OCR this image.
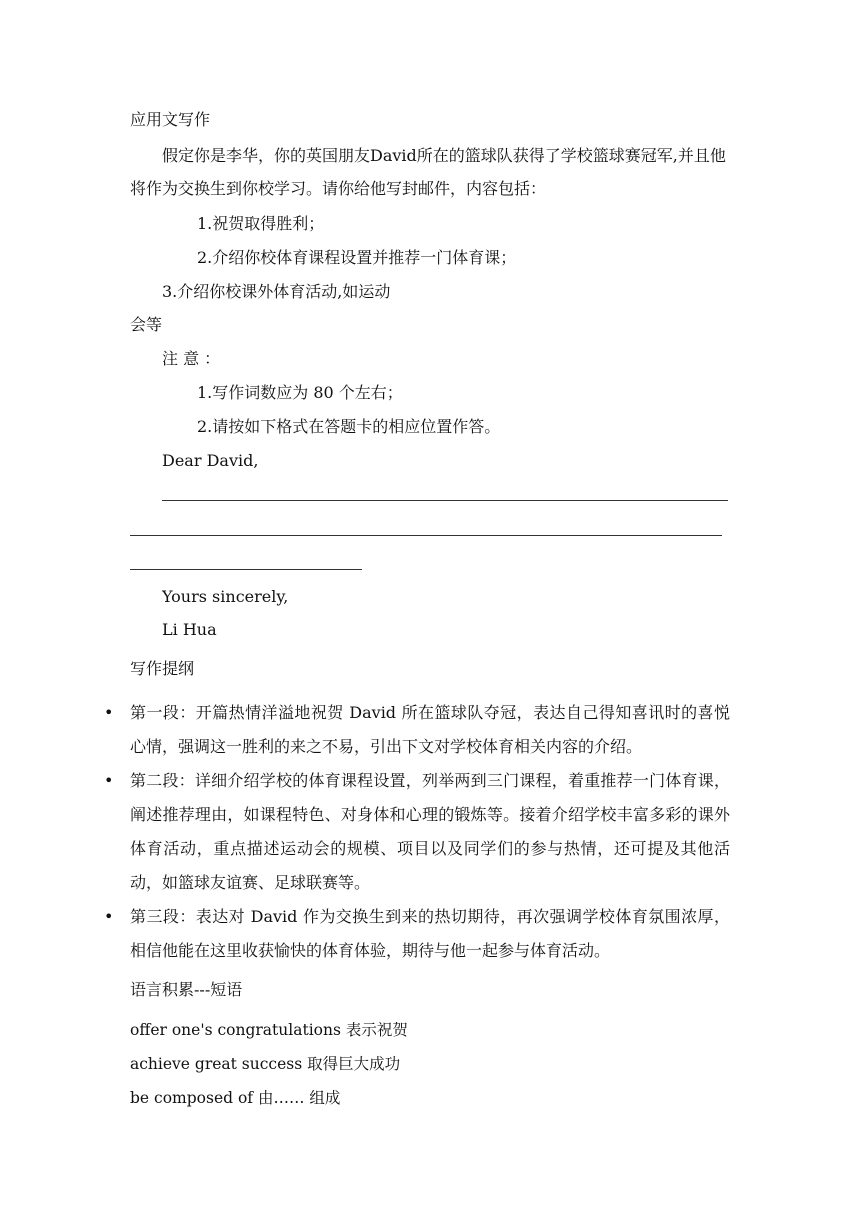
应用文写作
假定你是李华，你的英国朋友David所在的篮球队获得了学校篮球赛冠军,并且他
将作为交换生到你校学习。请你给他写封邮件，内容包括：
1.祝贺取得胜利；
2.介绍你校体育课程设置并推荐一门体育课；
3.介绍你校课外体育活动,如运动
会等
注 意 ：
1.写作词数应为 80 个左右；
2.请按如下格式在答题卡的相应位置作答。
Dear David,
Yours sincerely,
Li Hua
写作提纲
• 第一段：开篇热情洋溢地祝贺 David 所在篮球队夺冠，表达自己得知喜讯时的喜悦心情，强调这一胜利的来之不易，引出下文对学校体育相关内容的介绍。
• 第二段：详细介绍学校的体育课程设置，列举两到三门课程，着重推荐一门体育课，阐述推荐理由，如课程特色、对身体和心理的锻炼等。接着介绍学校丰富多彩的课外体育活动，重点描述运动会的规模、项目以及同学们的参与热情，还可提及其他活动，如篮球友谊赛、足球联赛等。
• 第三段：表达对 David 作为交换生到来的热切期待，再次强调学校体育氛围浓厚，相信他能在这里收获愉快的体育体验，期待与他一起参与体育活动。
语言积累---短语
offer one's congratulations 表示祝贺
achieve great success 取得巨大成功
be composed of 由…… 组成
